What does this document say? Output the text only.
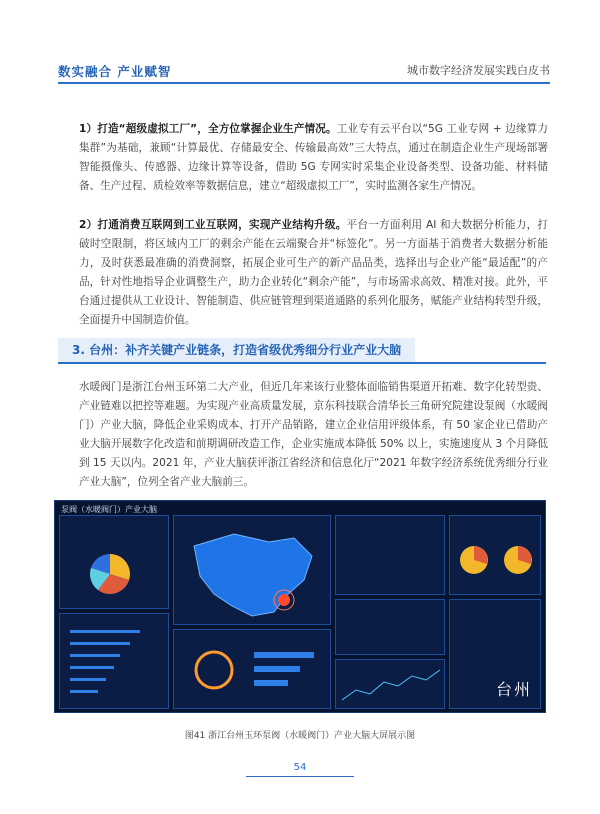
数实融合 产业赋智	城市数字经济发展实践白皮书
1）打造“超级虚拟工厂”，全方位掌握企业生产情况。工业专有云平台以“5G 工业专网 + 边缘算力集群”为基础，兼顾“计算最优、存储最安全、传输最高效”三大特点，通过在制造企业生产现场部署智能摄像头、传感器、边缘计算等设备，借助 5G 专网实时采集企业设备类型、设备功能、材料储备、生产过程、质检效率等数据信息，建立“超级虚拟工厂”，实时监测各家生产情况。
2）打通消费互联网到工业互联网，实现产业结构升级。平台一方面利用 AI 和大数据分析能力，打破时空限制，将区域内工厂的剩余产能在云端聚合并“标签化”。另一方面基于消费者大数据分析能力，及时获悉最准确的消费洞察，拓展企业可生产的新产品品类，选择出与企业产能“最适配”的产品，针对性地指导企业调整生产，助力企业转化“剩余产能”，与市场需求高效、精准对接。此外，平台通过提供从工业设计、智能制造、供应链管理到渠道通路的系列化服务，赋能产业结构转型升级，全面提升中国制造价值。
3. 台州：补齐关键产业链条，打造省级优秀细分行业产业大脑
水暖阀门是浙江台州玉环第二大产业，但近几年来该行业整体面临销售渠道开拓难、数字化转型贵、产业链难以把控等难题。为实现产业高质量发展，京东科技联合清华长三角研究院建设泵阀（水暖阀门）产业大脑，降低企业采购成本、打开产品销路，建立企业信用评级体系，有 50 家企业已借助产业大脑开展数字化改造和前期调研改造工作，企业实施成本降低 50% 以上，实施速度从 3 个月降低到 15 天以内。2021 年，产业大脑获评浙江省经济和信息化厅“2021 年数字经济系统优秀细分行业产业大脑”，位列全省产业大脑前三。
泵阀（水暖阀门）产业大脑
台州
图41 浙江台州玉环泵阀（水暖阀门）产业大脑大屏展示图
54
